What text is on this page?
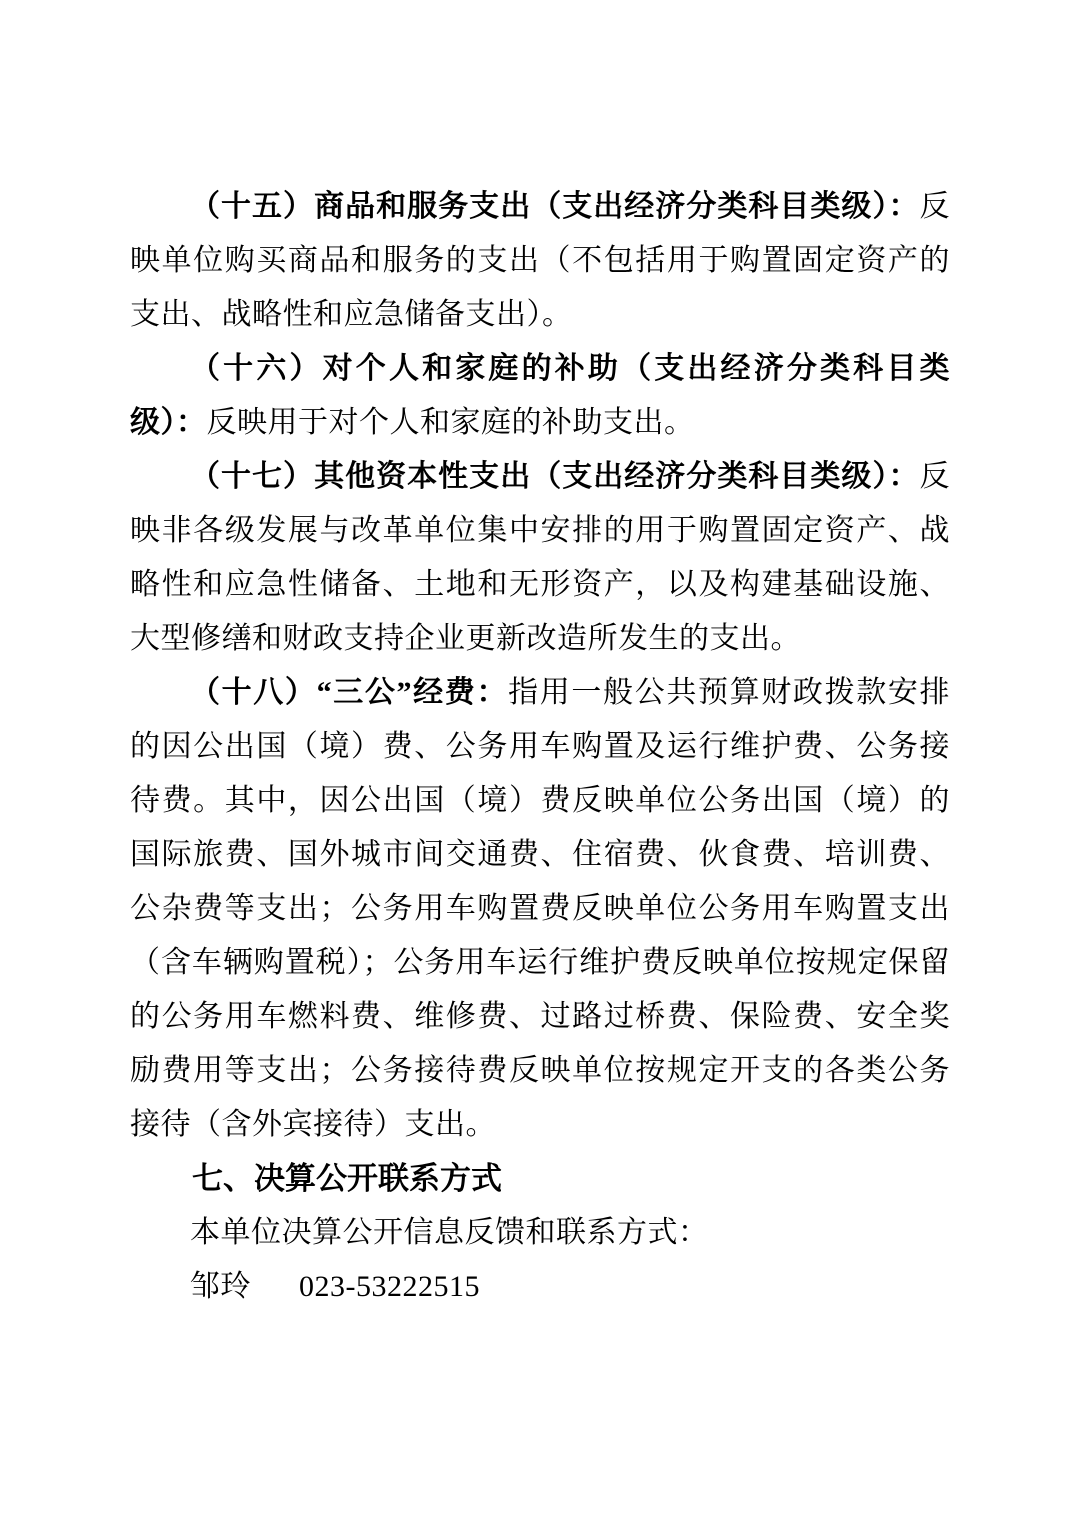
（十五）商品和服务支出（支出经济分类科目类级）：反映单位购买商品和服务的支出（不包括用于购置固定资产的支出、战略性和应急储备支出）。

（十六）对个人和家庭的补助（支出经济分类科目类级）：反映用于对个人和家庭的补助支出。

（十七）其他资本性支出（支出经济分类科目类级）：反映非各级发展与改革单位集中安排的用于购置固定资产、战略性和应急性储备、土地和无形资产，以及构建基础设施、大型修缮和财政支持企业更新改造所发生的支出。

（十八）“三公”经费：指用一般公共预算财政拨款安排的因公出国（境）费、公务用车购置及运行维护费、公务接待费。其中，因公出国（境）费反映单位公务出国（境）的国际旅费、国外城市间交通费、住宿费、伙食费、培训费、公杂费等支出；公务用车购置费反映单位公务用车购置支出（含车辆购置税）；公务用车运行维护费反映单位按规定保留的公务用车燃料费、维修费、过路过桥费、保险费、安全奖励费用等支出；公务接待费反映单位按规定开支的各类公务接待（含外宾接待）支出。

七、决算公开联系方式

本单位决算公开信息反馈和联系方式：

邹玲 023-53222515
